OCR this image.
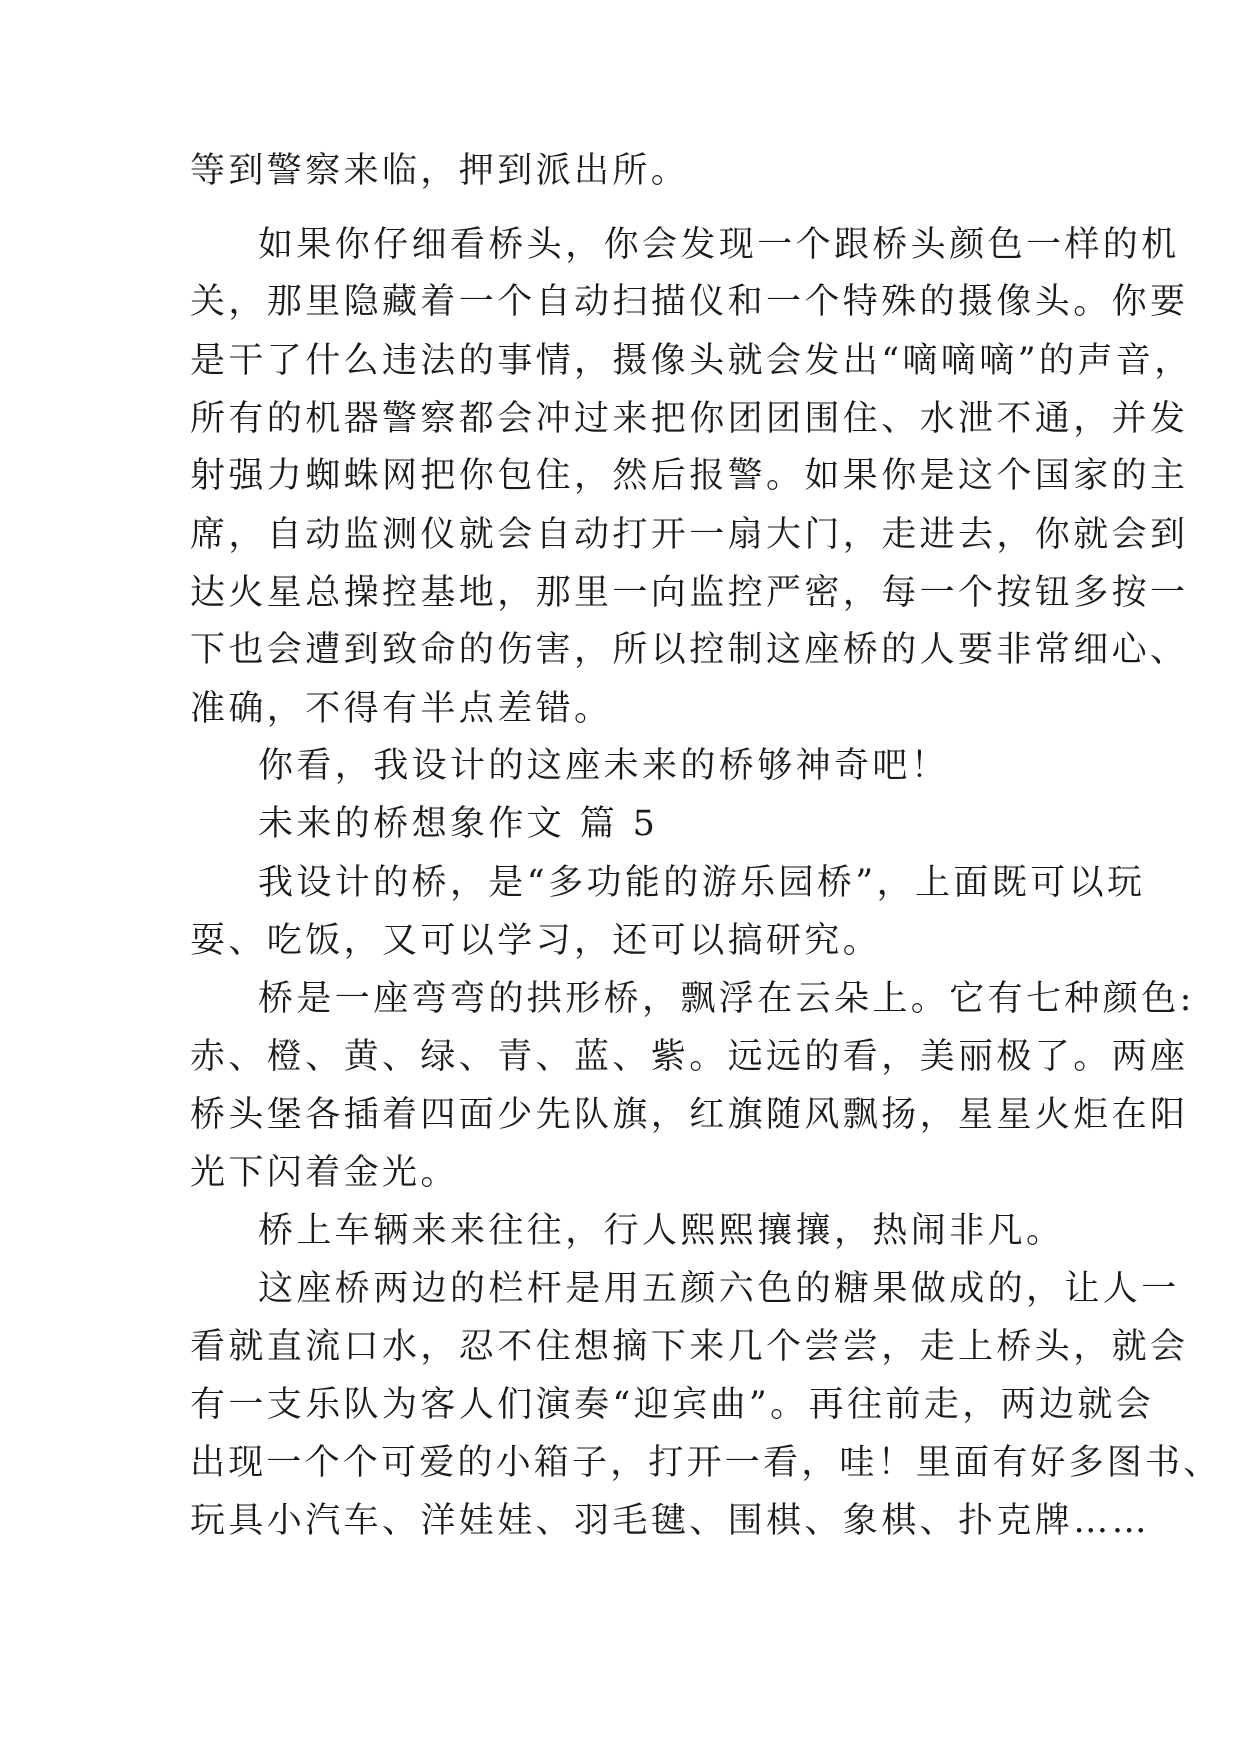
等到警察来临，押到派出所。

如果你仔细看桥头，你会发现一个跟桥头颜色一样的机

关，那里隐藏着一个自动扫描仪和一个特殊的摄像头。你要

是干了什么违法的事情，摄像头就会发出“嘀嘀嘀”的声音，

所有的机器警察都会冲过来把你团团围住、水泄不通，并发

射强力蜘蛛网把你包住，然后报警。如果你是这个国家的主

席，自动监测仪就会自动打开一扇大门，走进去，你就会到

达火星总操控基地，那里一向监控严密，每一个按钮多按一

下也会遭到致命的伤害，所以控制这座桥的人要非常细心、

准确，不得有半点差错。

你看，我设计的这座未来的桥够神奇吧！

未来的桥想象作文 篇 5

我设计的桥，是“多功能的游乐园桥”，上面既可以玩

耍、吃饭，又可以学习，还可以搞研究。

桥是一座弯弯的拱形桥，飘浮在云朵上。它有七种颜色:

赤、橙、黄、绿、青、蓝、紫。远远的看，美丽极了。两座

桥头堡各插着四面少先队旗，红旗随风飘扬，星星火炬在阳

光下闪着金光。

桥上车辆来来往往，行人熙熙攘攘，热闹非凡。

这座桥两边的栏杆是用五颜六色的糖果做成的，让人一

看就直流口水，忍不住想摘下来几个尝尝，走上桥头，就会

有一支乐队为客人们演奏“迎宾曲”。再往前走，两边就会

出现一个个可爱的小箱子，打开一看，哇！里面有好多图书、

玩具小汽车、洋娃娃、羽毛毽、围棋、象棋、扑克牌……
